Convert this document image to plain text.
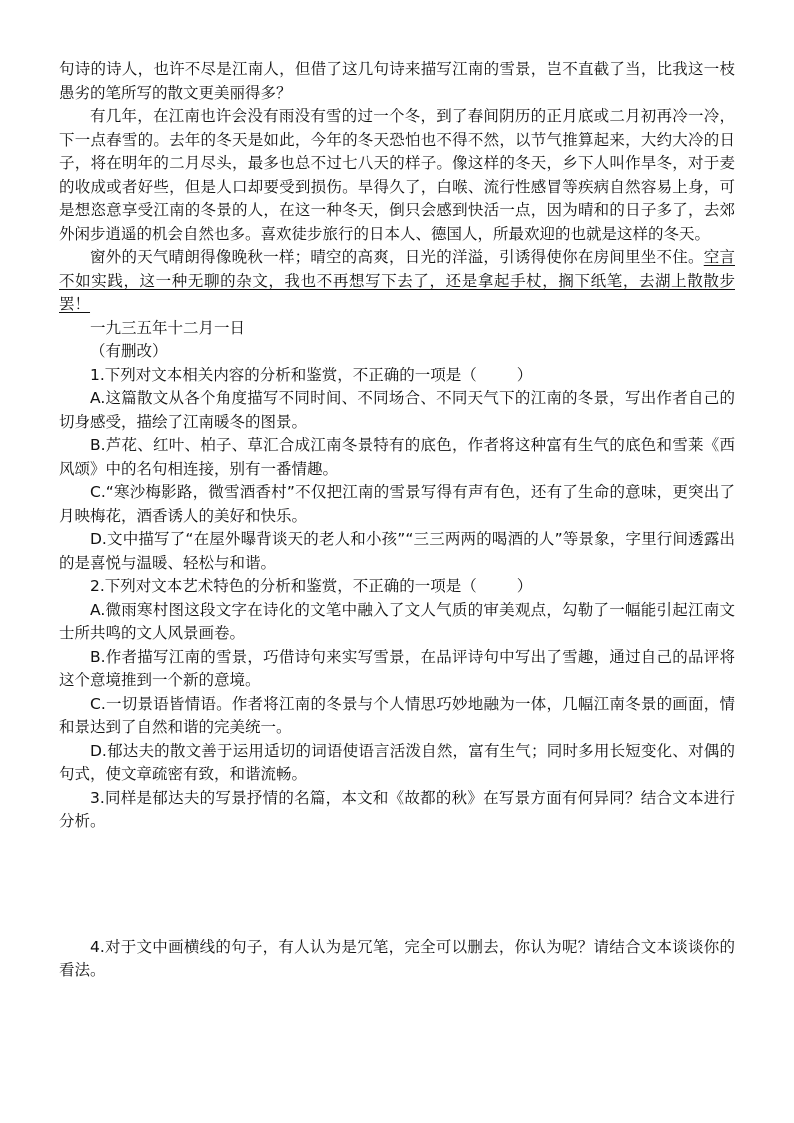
句诗的诗人，也许不尽是江南人，但借了这几句诗来描写江南的雪景，岂不直截了当，比我这一枝愚劣的笔所写的散文更美丽得多？

有几年，在江南也许会没有雨没有雪的过一个冬，到了春间阴历的正月底或二月初再冷一冷，下一点春雪的。去年的冬天是如此，今年的冬天恐怕也不得不然，以节气推算起来，大约大冷的日子，将在明年的二月尽头，最多也总不过七八天的样子。像这样的冬天，乡下人叫作旱冬，对于麦的收成或者好些，但是人口却要受到损伤。旱得久了，白喉、流行性感冒等疾病自然容易上身，可是想恣意享受江南的冬景的人，在这一种冬天，倒只会感到快活一点，因为晴和的日子多了，去郊外闲步逍遥的机会自然也多。喜欢徒步旅行的日本人、德国人，所最欢迎的也就是这样的冬天。

窗外的天气晴朗得像晚秋一样；晴空的高爽，日光的洋溢，引诱得使你在房间里坐不住。空言不如实践，这一种无聊的杂文，我也不再想写下去了，还是拿起手杖，搁下纸笔，去湖上散散步罢！

一九三五年十二月一日

（有删改）

1.下列对文本相关内容的分析和鉴赏，不正确的一项是（	）

A.这篇散文从各个角度描写不同时间、不同场合、不同天气下的江南的冬景，写出作者自己的切身感受，描绘了江南暖冬的图景。

B.芦花、红叶、柏子、草汇合成江南冬景特有的底色，作者将这种富有生气的底色和雪莱《西风颂》中的名句相连接，别有一番情趣。

C.“寒沙梅影路，微雪酒香村”不仅把江南的雪景写得有声有色，还有了生命的意味，更突出了月映梅花，酒香诱人的美好和快乐。

D.文中描写了“在屋外曝背谈天的老人和小孩”“三三两两的喝酒的人”等景象，字里行间透露出的是喜悦与温暖、轻松与和谐。

2.下列对文本艺术特色的分析和鉴赏，不正确的一项是（	）

A.微雨寒村图这段文字在诗化的文笔中融入了文人气质的审美观点，勾勒了一幅能引起江南文士所共鸣的文人风景画卷。

B.作者描写江南的雪景，巧借诗句来实写雪景，在品评诗句中写出了雪趣，通过自己的品评将这个意境推到一个新的意境。

C.一切景语皆情语。作者将江南的冬景与个人情思巧妙地融为一体，几幅江南冬景的画面，情和景达到了自然和谐的完美统一。

D.郁达夫的散文善于运用适切的词语使语言活泼自然，富有生气；同时多用长短变化、对偶的句式，使文章疏密有致，和谐流畅。

3.同样是郁达夫的写景抒情的名篇，本文和《故都的秋》在写景方面有何异同？结合文本进行分析。

4.对于文中画横线的句子，有人认为是冗笔，完全可以删去，你认为呢？请结合文本谈谈你的看法。
